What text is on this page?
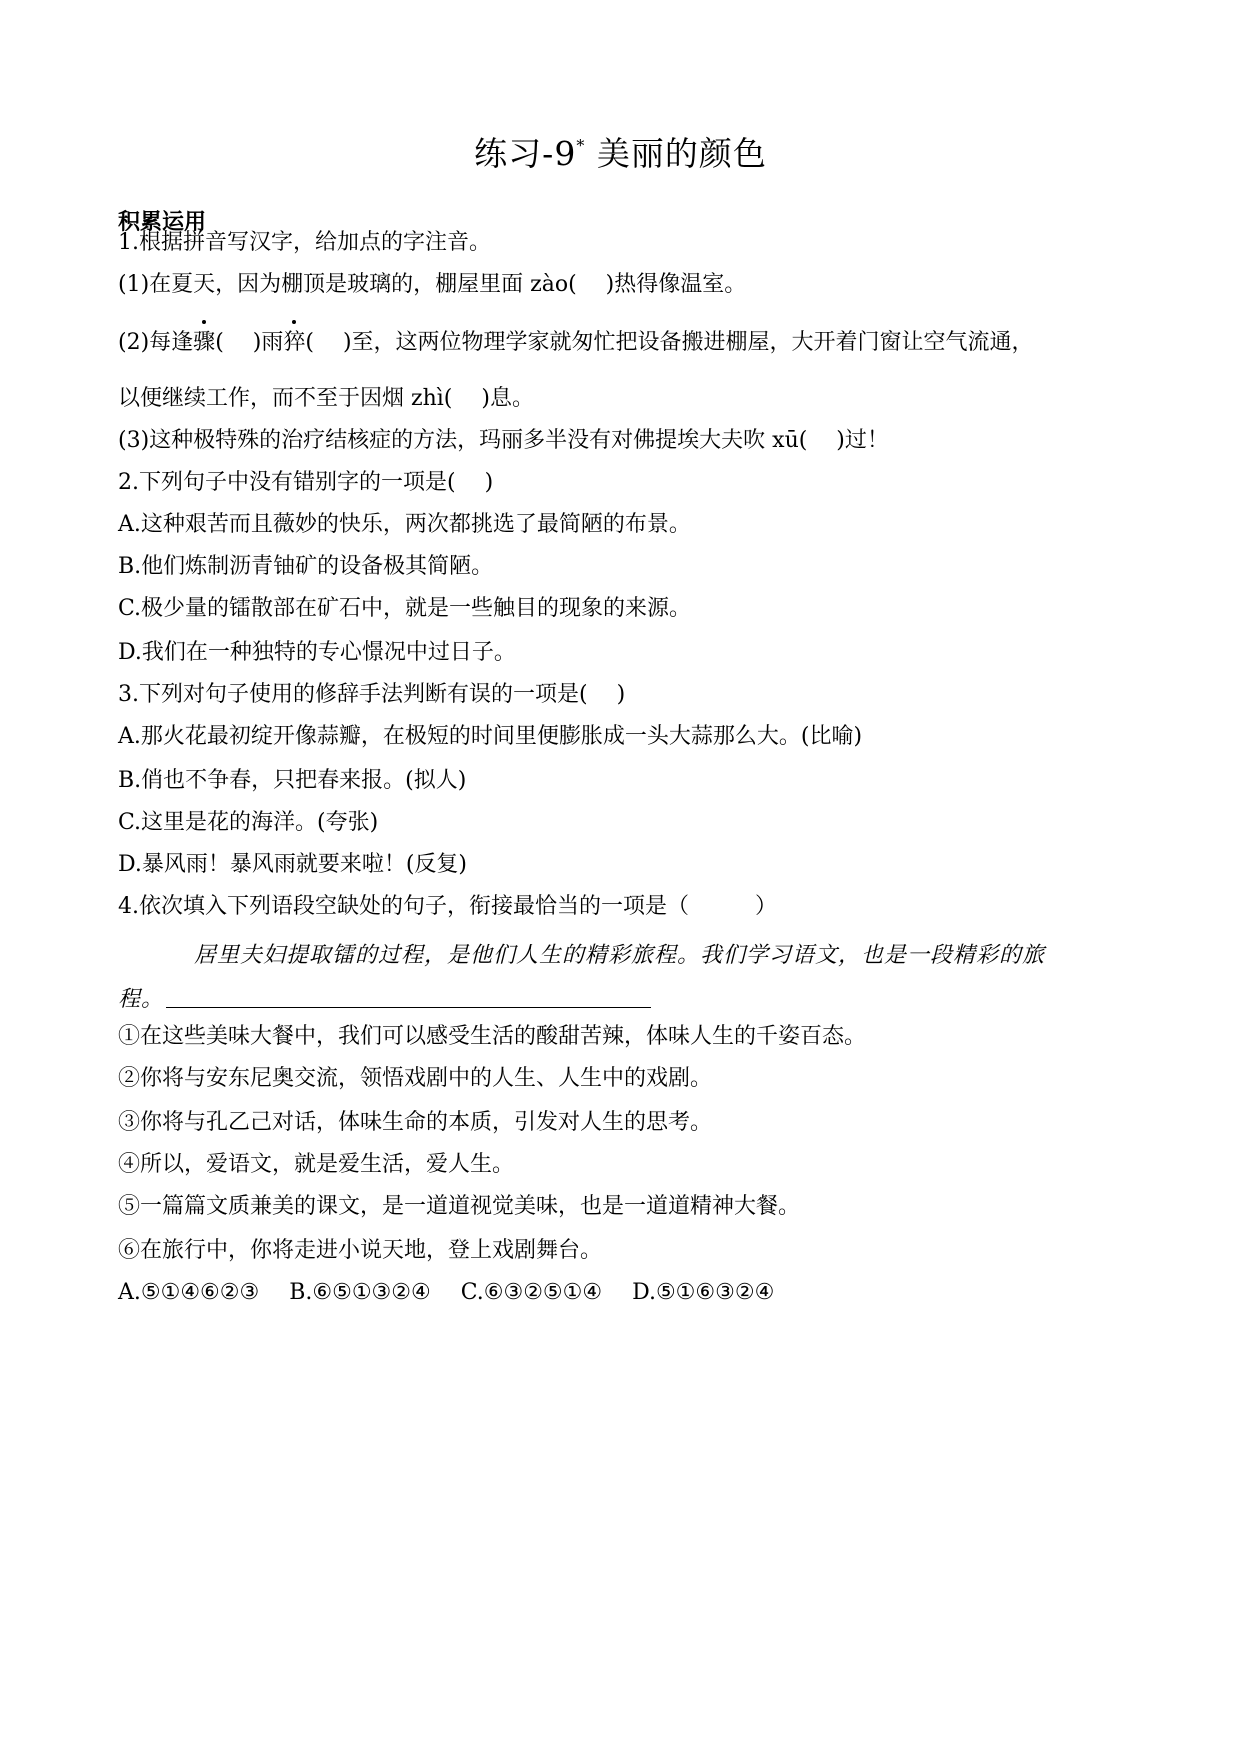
练习-9* 美丽的颜色
积累运用
1.根据拼音写汉字，给加点的字注音。
(1)在夏天，因为棚顶是玻璃的，棚屋里面 zào(　 )热得像温室。
(2)每逢骤(　 )雨猝(　 )至，这两位物理学家就匆忙把设备搬进棚屋，大开着门窗让空气流通，
以便继续工作，而不至于因烟 zhì(　 )息。
(3)这种极特殊的治疗结核症的方法，玛丽多半没有对佛提埃大夫吹 xū(　 )过！
2.下列句子中没有错别字的一项是(　 )
A.这种艰苦而且薇妙的快乐，两次都挑选了最简陋的布景。
B.他们炼制沥青铀矿的设备极其简陋。
C.极少量的镭散部在矿石中，就是一些触目的现象的来源。
D.我们在一种独特的专心憬况中过日子。
3.下列对句子使用的修辞手法判断有误的一项是(　 )
A.那火花最初绽开像蒜瓣，在极短的时间里便膨胀成一头大蒜那么大。(比喻)
B.俏也不争春，只把春来报。(拟人)
C.这里是花的海洋。(夸张)
D.暴风雨！暴风雨就要来啦！(反复)
4.依次填入下列语段空缺处的句子，衔接最恰当的一项是（　　　）
居里夫妇提取镭的过程，是他们人生的精彩旅程。我们学习语文，也是一段精彩的旅
程。
①在这些美味大餐中，我们可以感受生活的酸甜苦辣，体味人生的千姿百态。
②你将与安东尼奥交流，领悟戏剧中的人生、人生中的戏剧。
③你将与孔乙己对话，体味生命的本质，引发对人生的思考。
④所以，爱语文，就是爱生活，爱人生。
⑤一篇篇文质兼美的课文，是一道道视觉美味，也是一道道精神大餐。
⑥在旅行中，你将走进小说天地，登上戏剧舞台。
A.⑤①④⑥②③ B.⑥⑤①③②④ C.⑥③②⑤①④ D.⑤①⑥③②④
